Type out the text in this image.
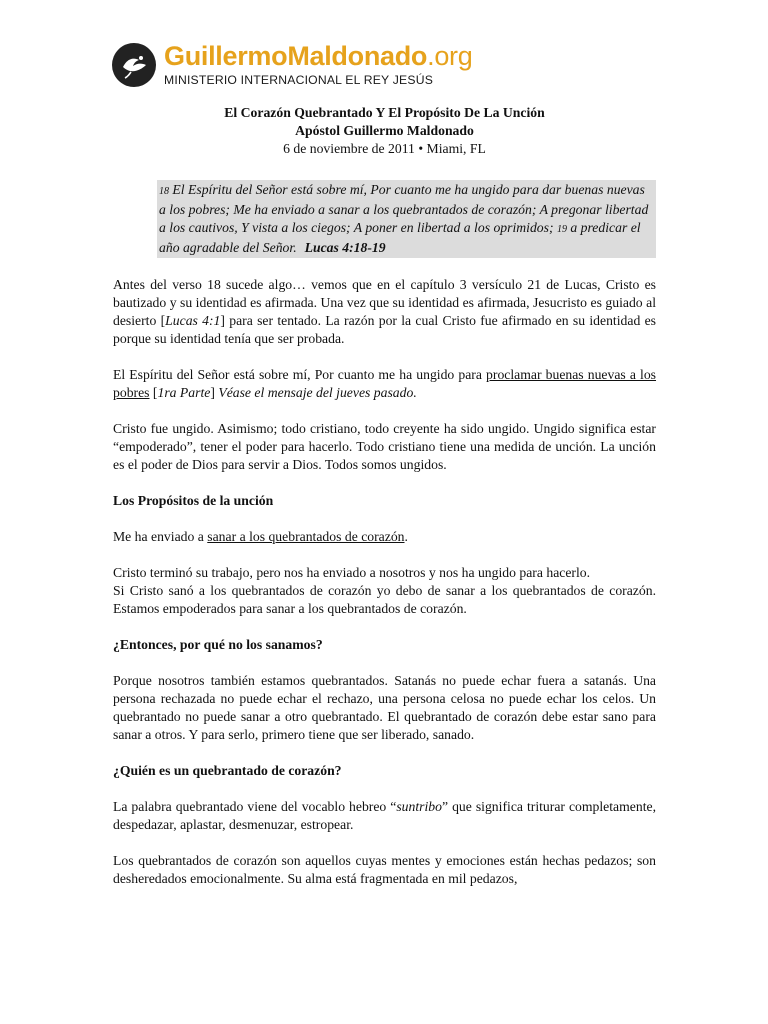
GuillermoMaldonado.org
MINISTERIO INTERNACIONAL EL REY JESÚS
El Corazón Quebrantado Y El Propósito De La Unción
Apóstol Guillermo Maldonado
6 de noviembre de 2011 • Miami, FL
18 El Espíritu del Señor está sobre mí, Por cuanto me ha ungido para dar buenas nuevas a los pobres; Me ha enviado a sanar a los quebrantados de corazón; A pregonar libertad a los cautivos, Y vista a los ciegos; A poner en libertad a los oprimidos; 19 a predicar el año agradable del Señor. Lucas 4:18-19

Antes del verso 18 sucede algo… vemos que en el capítulo 3 versículo 21 de Lucas, Cristo es bautizado y su identidad es afirmada. Una vez que su identidad es afirmada, Jesucristo es guiado al desierto [Lucas 4:1] para ser tentado. La razón por la cual Cristo fue afirmado en su identidad es porque su identidad tenía que ser probada.

El Espíritu del Señor está sobre mí, Por cuanto me ha ungido para proclamar buenas nuevas a los pobres [1ra Parte] Véase el mensaje del jueves pasado.

Cristo fue ungido. Asimismo; todo cristiano, todo creyente ha sido ungido. Ungido significa estar “empoderado”, tener el poder para hacerlo. Todo cristiano tiene una medida de unción. La unción es el poder de Dios para servir a Dios. Todos somos ungidos.

Los Propósitos de la unción

Me ha enviado a sanar a los quebrantados de corazón.

Cristo terminó su trabajo, pero nos ha enviado a nosotros y nos ha ungido para hacerlo.

Si Cristo sanó a los quebrantados de corazón yo debo de sanar a los quebrantados de corazón. Estamos empoderados para sanar a los quebrantados de corazón.

¿Entonces, por qué no los sanamos?

Porque nosotros también estamos quebrantados. Satanás no puede echar fuera a satanás. Una persona rechazada no puede echar el rechazo, una persona celosa no puede echar los celos. Un quebrantado no puede sanar a otro quebrantado. El quebrantado de corazón debe estar sano para sanar a otros. Y para serlo, primero tiene que ser liberado, sanado.

¿Quién es un quebrantado de corazón?

La palabra quebrantado viene del vocablo hebreo “suntribo” que significa triturar completamente, despedazar, aplastar, desmenuzar, estropear.

Los quebrantados de corazón son aquellos cuyas mentes y emociones están hechas pedazos; son desheredados emocionalmente. Su alma está fragmentada en mil pedazos,
